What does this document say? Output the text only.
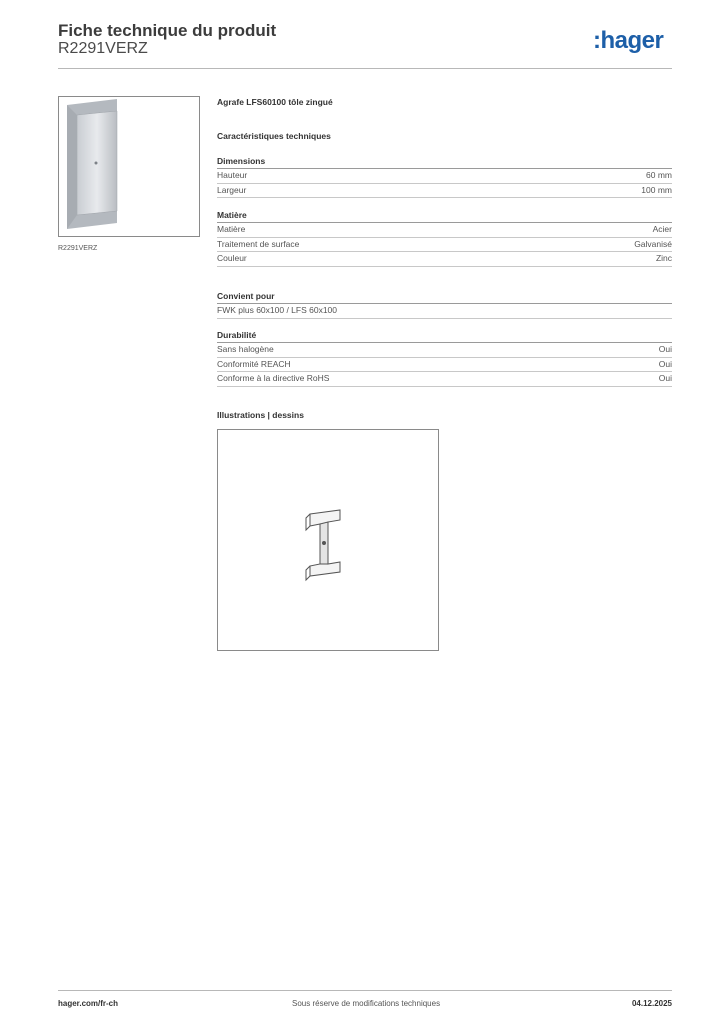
Fiche technique du produit
R2291VERZ	:hager
R2291VERZ
Agrafe LFS60100 tôle zingué
Caractéristiques techniques
Dimensions
Hauteur	60 mm
Largeur	100 mm
Matière
Matière	Acier
Traitement de surface	Galvanisé
Couleur	Zinc
Convient pour
FWK plus 60x100 / LFS 60x100
Durabilité
Sans halogène	Oui
Conformité REACH	Oui
Conforme à la directive RoHS	Oui
Illustrations | dessins
hager.com/fr-ch	Sous réserve de modifications techniques	04.12.2025
